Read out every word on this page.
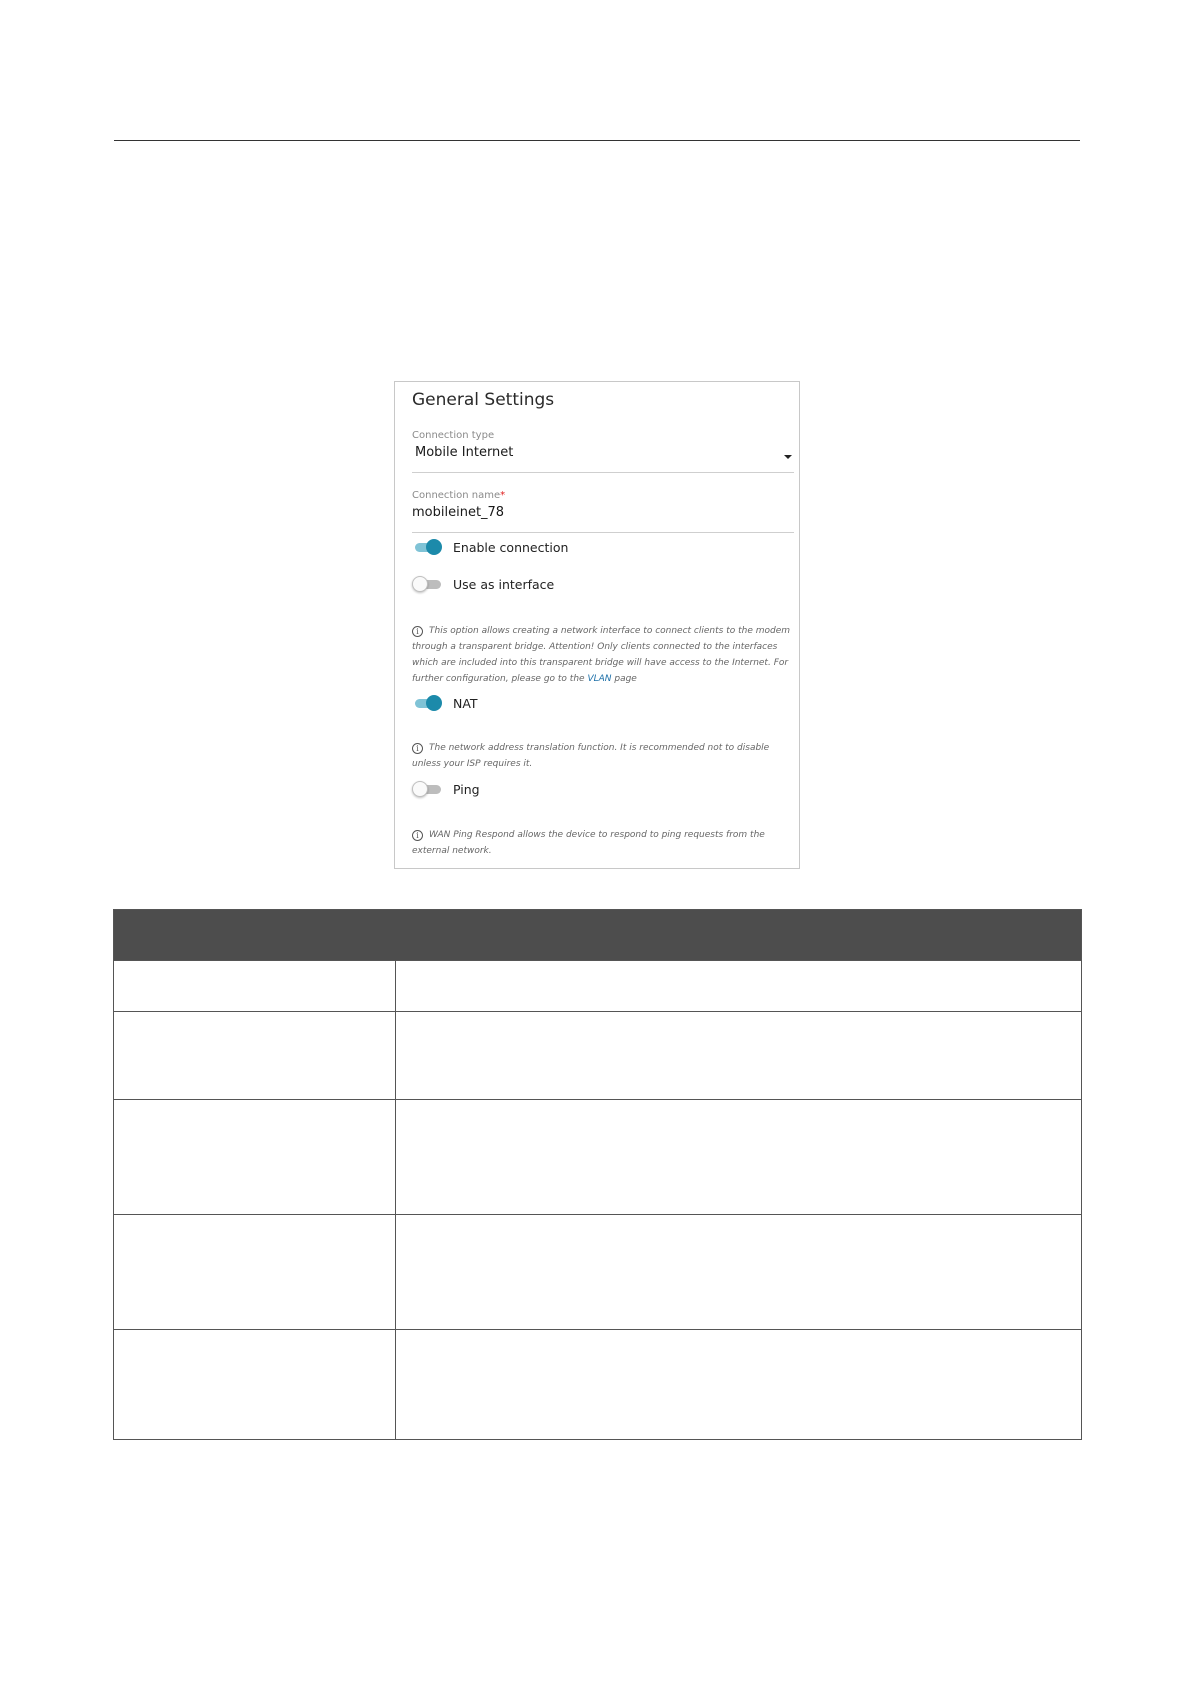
General Settings
Connection type
Mobile Internet
Connection name*
mobileinet_78
Enable connection
Use as interface
i This option allows creating a network interface to connect clients to the modem through a transparent bridge. Attention! Only clients connected to the interfaces which are included into this transparent bridge will have access to the Internet. For further configuration, please go to the VLAN page
NAT
i The network address translation function. It is recommended not to disable unless your ISP requires it.
Ping
i WAN Ping Respond allows the device to respond to ping requests from the external network.
